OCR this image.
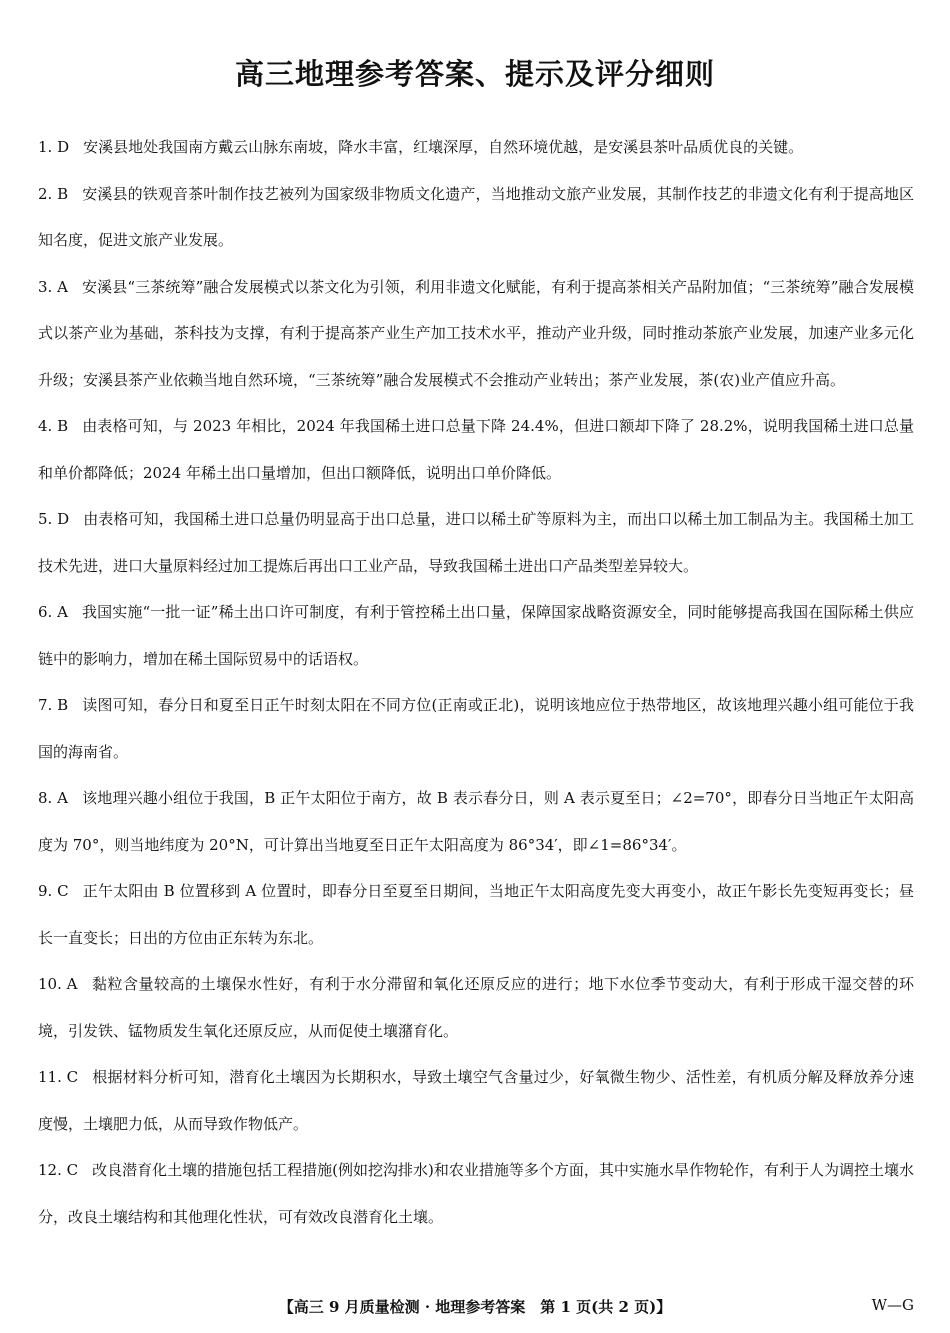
高三地理参考答案、提示及评分细则

1. D 安溪县地处我国南方戴云山脉东南坡，降水丰富，红壤深厚，自然环境优越，是安溪县茶叶品质优良的关键。

2. B 安溪县的铁观音茶叶制作技艺被列为国家级非物质文化遗产，当地推动文旅产业发展，其制作技艺的非遗文化有利于提高地区知名度，促进文旅产业发展。

3. A 安溪县“三茶统筹”融合发展模式以茶文化为引领，利用非遗文化赋能，有利于提高茶相关产品附加值；“三茶统筹”融合发展模式以茶产业为基础，茶科技为支撑，有利于提高茶产业生产加工技术水平，推动产业升级，同时推动茶旅产业发展，加速产业多元化升级；安溪县茶产业依赖当地自然环境，“三茶统筹”融合发展模式不会推动产业转出；茶产业发展，茶(农)业产值应升高。

4. B 由表格可知，与 2023 年相比，2024 年我国稀土进口总量下降 24.4%，但进口额却下降了 28.2%，说明我国稀土进口总量和单价都降低；2024 年稀土出口量增加，但出口额降低，说明出口单价降低。

5. D 由表格可知，我国稀土进口总量仍明显高于出口总量，进口以稀土矿等原料为主，而出口以稀土加工制品为主。我国稀土加工技术先进，进口大量原料经过加工提炼后再出口工业产品，导致我国稀土进出口产品类型差异较大。

6. A 我国实施“一批一证”稀土出口许可制度，有利于管控稀土出口量，保障国家战略资源安全，同时能够提高我国在国际稀土供应链中的影响力，增加在稀土国际贸易中的话语权。

7. B 读图可知，春分日和夏至日正午时刻太阳在不同方位(正南或正北)，说明该地应位于热带地区，故该地理兴趣小组可能位于我国的海南省。

8. A 该地理兴趣小组位于我国，B 正午太阳位于南方，故 B 表示春分日，则 A 表示夏至日；∠2=70°，即春分日当地正午太阳高度为 70°，则当地纬度为 20°N，可计算出当地夏至日正午太阳高度为 86°34′，即∠1=86°34′。

9. C 正午太阳由 B 位置移到 A 位置时，即春分日至夏至日期间，当地正午太阳高度先变大再变小，故正午影长先变短再变长；昼长一直变长；日出的方位由正东转为东北。

10. A 黏粒含量较高的土壤保水性好，有利于水分滞留和氧化还原反应的进行；地下水位季节变动大，有利于形成干湿交替的环境，引发铁、锰物质发生氧化还原反应，从而促使土壤潴育化。

11. C 根据材料分析可知，潜育化土壤因为长期积水，导致土壤空气含量过少，好氧微生物少、活性差，有机质分解及释放养分速度慢，土壤肥力低，从而导致作物低产。

12. C 改良潜育化土壤的措施包括工程措施(例如挖沟排水)和农业措施等多个方面，其中实施水旱作物轮作，有利于人为调控土壤水分，改良土壤结构和其他理化性状，可有效改良潜育化土壤。

【高三 9 月质量检测 · 地理参考答案　第 1 页(共 2 页)】	W—G
